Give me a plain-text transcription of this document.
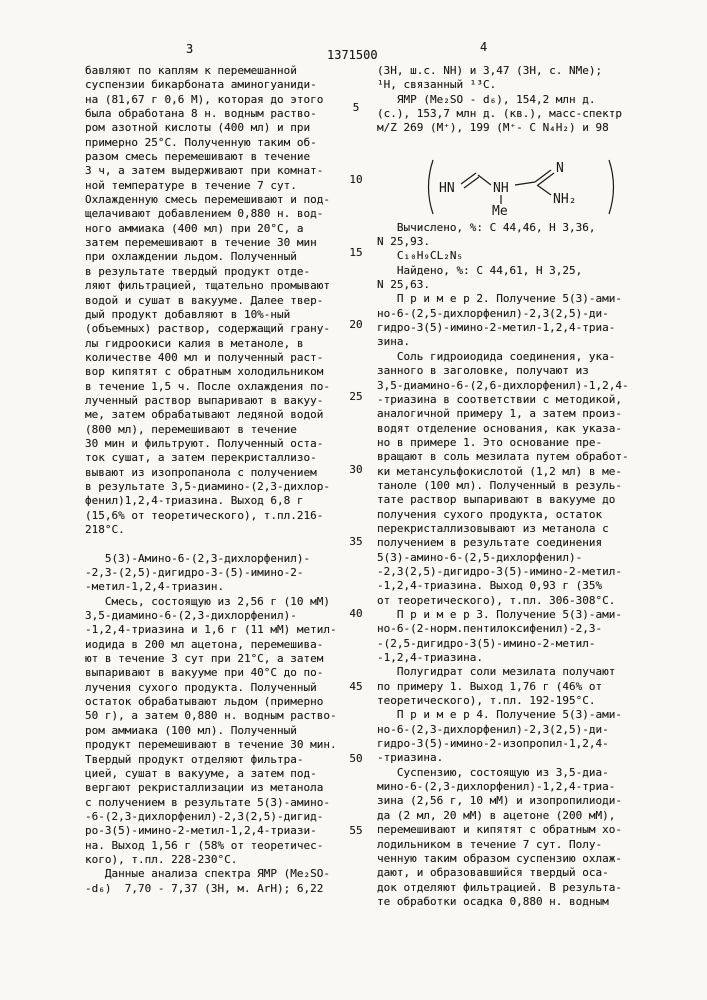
3	1371500
4
5
10
15
20
25
30
35
40
45
50
55
бавляют по каплям к перемешанной
суспензии бикарбоната аминогуаниди-
на (81,67 г 0,6 М), которая до этого
была обработана 8 н. водным раство-
ром азотной кислоты (400 мл) и при
примерно 25°С. Полученную таким об-
разом смесь перемешивают в течение
3 ч, а затем выдерживают при комнат-
ной температуре в течение 7 сут.
Охлажденную смесь перемешивают и под-
щелачивают добавлением 0,880 н. вод-
ного аммиака (400 мл) при 20°С, а
затем перемешивают в течение 30 мин
при охлаждении льдом. Полученный
в результате твердый продукт отде-
ляют фильтрацией, тщательно промывают
водой и сушат в вакууме. Далее твер-
дый продукт добавляют в 10%-ный
(объемных) раствор, содержащий грану-
лы гидроокиси калия в метаноле, в
количестве 400 мл и полученный раст-
вор кипятят с обратным холодильником
в течение 1,5 ч. После охлаждения по-
лученный раствор выпаривают в вакуу-
ме, затем обрабатывают ледяной водой
(800 мл), перемешивают в течение
30 мин и фильтруют. Полученный оста-
ток сушат, а затем перекристаллизо-
вывают из изопропанола с получением
в результате 3,5-диамино-(2,3-дихлор-
фенил)1,2,4-триазина. Выход 6,8 г
(15,6% от теоретического), т.пл.216-
218°С.

5(3)-Амино-6-(2,3-дихлорфенил)-
-2,3-(2,5)-дигидро-3-(5)-имино-2-
-метил-1,2,4-триазин.
Смесь, состоящую из 2,56 г (10 мМ)
3,5-диамино-6-(2,3-дихлорфенил)-
-1,2,4-триазина и 1,6 г (11 мМ) метил-
иодида в 200 мл ацетона, перемешива-
ют в течение 3 сут при 21°С, а затем
выпаривают в вакууме при 40°С до по-
лучения сухого продукта. Полученный
остаток обрабатывают льдом (примерно
50 г), а затем 0,880 н. водным раство-
ром аммиака (100 мл). Полученный
продукт перемешивают в течение 30 мин.
Твердый продукт отделяют фильтра-
цией, сушат в вакууме, а затем под-
вергают рекристаллизации из метанола
с получением в результате 5(3)-амино-
-6-(2,3-дихлорфенил)-2,3(2,5)-дигид-
ро-3(5)-имино-2-метил-1,2,4-триази-
на. Выход 1,56 г (58% от теоретичес-
кого), т.пл. 228-230°С.
Данные анализа спектра ЯМР (Me₂SO-
-d₆)  7,70 - 7,37 (3H, м. ArH); 6,22
(3Н, ш.с. NH) и 3,47 (3Н, с. NMe);
¹H, связанный ¹³C.
ЯМР (Me₂SO - d₆), 154,2 млн д.
(с.), 153,7 млн д. (кв.), масс-спектр
м/Z 269 (M⁺), 199 (M⁺- C N₄H₂) и 98
HN	NH
Me
N
NH₂
Вычислено, %: С 44,46, Н 3,36,
N 25,93.
C₁₀H₉CL₂N₅
Найдено, %: С 44,61, Н 3,25,
N 25,63.
П р и м е р 2. Получение 5(3)-ами-
но-6-(2,5-дихлорфенил)-2,3(2,5)-ди-
гидро-3(5)-имино-2-метил-1,2,4-триа-
зина.
Соль гидроиодида соединения, ука-
занного в заголовке, получают из
3,5-диамино-6-(2,6-дихлорфенил)-1,2,4-
-триазина в соответствии с методикой,
аналогичной примеру 1, а затем произ-
водят отделение основания, как указа-
но в примере 1. Это основание пре-
вращают в соль мезилата путем обработ-
ки метансульфокислотой (1,2 мл) в ме-
таноле (100 мл). Полученный в резуль-
тате раствор выпаривают в вакууме до
получения сухого продукта, остаток
перекристаллизовывают из метанола с
получением в результате соединения
5(3)-амино-6-(2,5-дихлорфенил)-
-2,3(2,5)-дигидро-3(5)-имино-2-метил-
-1,2,4-триазина. Выход 0,93 г (35%
от теоретического), т.пл. 306-308°С.
П р и м е р 3. Получение 5(3)-ами-
но-6-(2-норм.пентилоксифенил)-2,3-
-(2,5-дигидро-3(5)-имино-2-метил-
-1,2,4-триазина.
Полугидрат соли мезилата получают
по примеру 1. Выход 1,76 г (46% от
теоретического), т.пл. 192-195°С.
П р и м е р 4. Получение 5(3)-ами-
но-6-(2,3-дихлорфенил)-2,3(2,5)-ди-
гидро-3(5)-имино-2-изопропил-1,2,4-
-триазина.
Суспензию, состоящую из 3,5-диа-
мино-6-(2,3-дихлорфенил)-1,2,4-триа-
зина (2,56 г, 10 мМ) и изопропилиоди-
да (2 мл, 20 мМ) в ацетоне (200 мМ),
перемешивают и кипятят с обратным хо-
лодильником в течение 7 сут. Полу-
ченную таким образом суспензию охлаж-
дают, и образовавшийся твердый оса-
док отделяют фильтрацией. В результа-
те обработки осадка 0,880 н. водным
